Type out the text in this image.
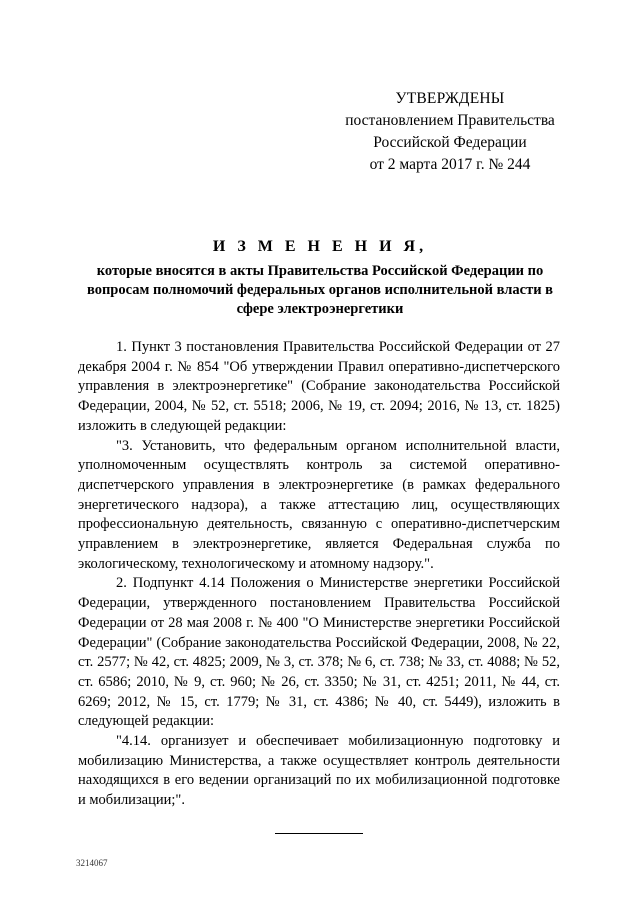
УТВЕРЖДЕНЫ
постановлением Правительства
Российской Федерации
от 2 марта 2017 г. № 244
И З М Е Н Е Н И Я,
которые вносятся в акты Правительства Российской Федерации по вопросам полномочий федеральных органов исполнительной власти в сфере электроэнергетики

1. Пункт 3 постановления Правительства Российской Федерации от 27 декабря 2004 г. № 854 "Об утверждении Правил оперативно-диспетчерского управления в электроэнергетике" (Собрание законодательства Российской Федерации, 2004, № 52, ст. 5518; 2006, № 19, ст. 2094; 2016, № 13, ст. 1825) изложить в следующей редакции:

"3. Установить, что федеральным органом исполнительной власти, уполномоченным осуществлять контроль за системой оперативно-диспетчерского управления в электроэнергетике (в рамках федерального энергетического надзора), а также аттестацию лиц, осуществляющих профессиональную деятельность, связанную с оперативно-диспетчерским управлением в электроэнергетике, является Федеральная служба по экологическому, технологическому и атомному надзору.".

2. Подпункт 4.14 Положения о Министерстве энергетики Российской Федерации, утвержденного постановлением Правительства Российской Федерации от 28 мая 2008 г. № 400 "О Министерстве энергетики Российской Федерации" (Собрание законодательства Российской Федерации, 2008, № 22, ст. 2577; № 42, ст. 4825; 2009, № 3, ст. 378; № 6, ст. 738; № 33, ст. 4088; № 52, ст. 6586; 2010, № 9, ст. 960; № 26, ст. 3350; № 31, ст. 4251; 2011, № 44, ст. 6269; 2012, № 15, ст. 1779; № 31, ст. 4386; № 40, ст. 5449), изложить в следующей редакции:

"4.14. организует и обеспечивает мобилизационную подготовку и мобилизацию Министерства, а также осуществляет контроль деятельности находящихся в его ведении организаций по их мобилизационной подготовке и мобилизации;".

3214067
